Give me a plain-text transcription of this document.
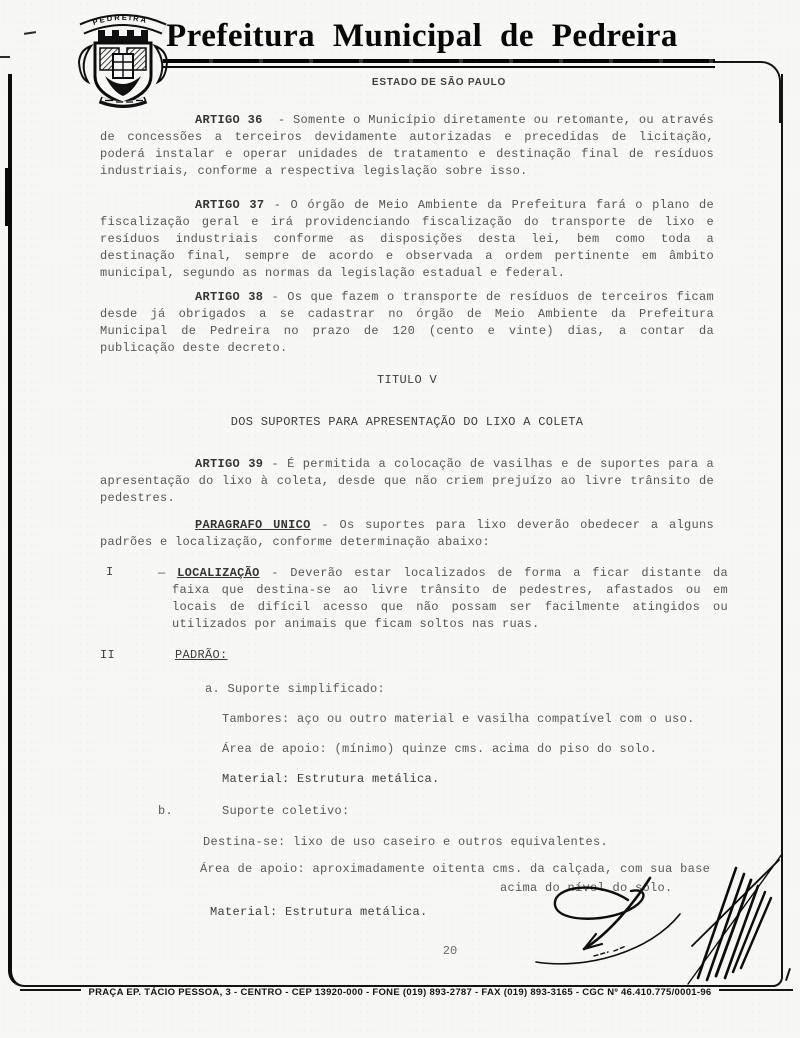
PEDREIRA Prefeitura Municipal de Pedreira
ESTADO DE SÃO PAULO

ARTIGO 36 - Somente o Município diretamente ou retomante, ou através de concessões a terceiros devidamente autorizadas e precedidas de licitação, poderá instalar e operar unidades de tratamento e destinação final de resíduos industriais, conforme a respectiva legislação sobre isso.

ARTIGO 37 - O órgão de Meio Ambiente da Prefeitura fará o plano de fiscalização geral e irá providenciando fiscalização do transporte de lixo e resíduos industriais conforme as disposições desta lei, bem como toda a destinação final, sempre de acordo e observada a ordem pertinente em âmbito municipal, segundo as normas da legislação estadual e federal.

ARTIGO 38 - Os que fazem o transporte de resíduos de terceiros ficam desde já obrigados a se cadastrar no órgão de Meio Ambiente da Prefeitura Municipal de Pedreira no prazo de 120 (cento e vinte) dias, a contar da publicação deste decreto.

TITULO V

DOS SUPORTES PARA APRESENTAÇÃO DO LIXO A COLETA

ARTIGO 39 - É permitida a colocação de vasilhas e de suportes para a apresentação do lixo à coleta, desde que não criem prejuízo ao livre trânsito de pedestres.

PARAGRAFO UNICO - Os suportes para lixo deverão obedecer a alguns padrões e localização, conforme determinação abaixo:

I	— LOCALIZAÇÃO - Deverão estar localizados de forma a ficar distante da faixa que destina-se ao livre trânsito de pedestres, afastados ou em locais de difícil acesso que não possam ser facilmente atingidos ou utilizados por animais que ficam soltos nas ruas.

II	PADRÃO:
a. Suporte simplificado:
Tambores: aço ou outro material e vasilha compatível com o uso.
Área de apoio: (mínimo) quinze cms. acima do piso do solo.
Material: Estrutura metálica.
b.	Suporte coletivo:
Destina-se: lixo de uso caseiro e outros equivalentes.
Área de apoio: aproximadamente oitenta cms. da calçada, com sua base
acima do nível do solo.
Material: Estrutura metálica.
20
PRAÇA EP. TÁCIO PESSOA, 3 - CENTRO - CEP 13920-000 - FONE (019) 893-2787 - FAX (019) 893-3165 - CGC Nº 46.410.775/0001-96
